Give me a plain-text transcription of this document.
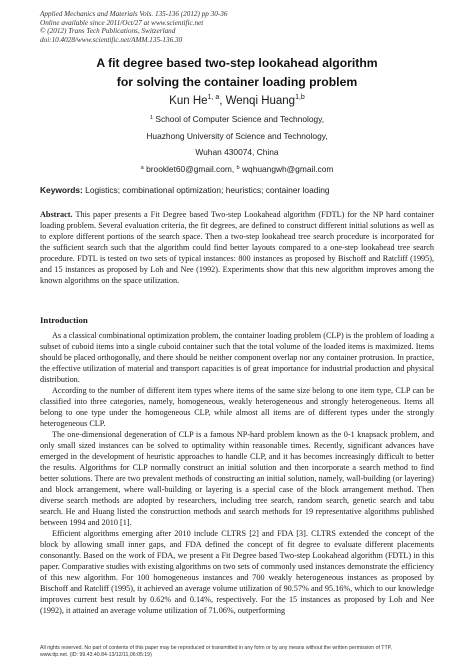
Applied Mechanics and Materials Vols. 135-136 (2012) pp 30-36
Online available since 2011/Oct/27 at www.scientific.net
© (2012) Trans Tech Publications, Switzerland
doi:10.4028/www.scientific.net/AMM.135-136.30
A fit degree based two-step lookahead algorithm
for solving the container loading problem
Kun He$^{1, a}$, Wenqi Huang$^{1,b}$
$^1$ School of Computer Science and Technology,
Huazhong University of Science and Technology,
Wuhan 430074, China
$^a$ brooklet60@gmail.com, $^b$ wqhuangwh@gmail.com
Keywords: Logistics; combinational optimization; heuristics; container loading
Abstract. This paper presents a Fit Degree based Two-step Lookahead algorithm (FDTL) for the NP hard container loading problem. Several evaluation criteria, the fit degrees, are defined to construct different initial solutions as well as to explore different portions of the search space. Then a two-step lookahead tree search procedure is incorporated for the sufficient search such that the algorithm could find better layouts compared to a one-step lookahead tree search procedure. FDTL is tested on two sets of typical instances: 800 instances as proposed by Bischoff and Ratcliff (1995), and 15 instances as proposed by Loh and Nee (1992). Experiments show that this new algorithm improves among the known algorithms on the space utilization.
Introduction

As a classical combinational optimization problem, the container loading problem (CLP) is the problem of loading a subset of cuboid items into a single cuboid container such that the total volume of the loaded items is maximized. Items should be placed orthogonally, and there should be neither component overlap nor any container protrusion. In practice, the effective utilization of material and transport capacities is of great importance for industrial production and physical distribution.

According to the number of different item types where items of the same size belong to one item type, CLP can be classified into three categories, namely, homogeneous, weakly heterogeneous and strongly heterogeneous. Items all belong to one type under the homogeneous CLP, while almost all items are of different types under the strongly heterogeneous CLP.

The one-dimensional degeneration of CLP is a famous NP-hard problem known as the 0-1 knapsack problem, and only small sized instances can be solved to optimality within reasonable times. Recently, significant advances have emerged in the development of heuristic approaches to handle CLP, and it has becomes increasingly difficult to better the results. Algorithms for CLP normally construct an initial solution and then incorporate a search method to find better solutions. There are two prevalent methods of constructing an initial solution, namely, wall-building (or layering) and block arrangement, where wall-building or layering is a special case of the block arrangement method. Then diverse search methods are adopted by researchers, including tree search, random search, genetic search and tabu search. He and Huang listed the construction methods and search methods for 19 representative algorithms published between 1994 and 2010 [1].

Efficient algorithms emerging after 2010 include CLTRS [2] and FDA [3]. CLTRS extended the concept of the block by allowing small inner gaps, and FDA defined the concept of fit degree to evaluate different placements consonantly. Based on the work of FDA, we present a Fit Degree based Two-step Lookahead algorithm (FDTL) in this paper. Comparative studies with existing algorithms on two sets of commonly used instances demonstrate the efficiency of this new algorithm. For 100 homogeneous instances and 700 weakly heterogeneous instances as proposed by Bischoff and Ratcliff (1995), it achieved an average volume utilization of 90.57% and 95.16%, which to our knowledge improves current best result by 0.62% and 0.14%, respectively. For the 15 instances as proposed by Loh and Nee (1992), it attained an average volume utilization of 71.06%, outperforming

All rights reserved. No part of contents of this paper may be reproduced or transmitted in any form or by any means without the written permission of TTP,
www.ttp.net. (ID: 99.43.40.84-13/12/11,06:05:19)
